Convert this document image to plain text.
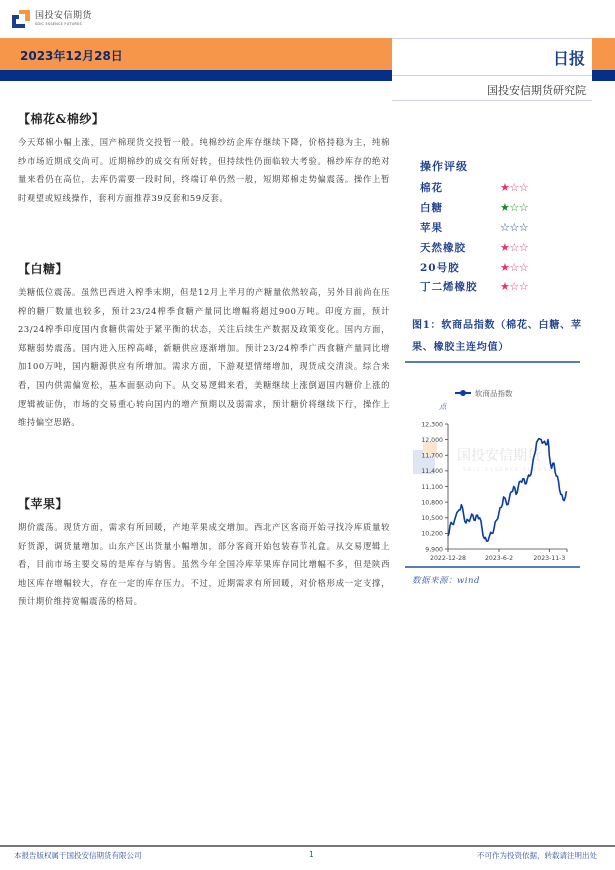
国投安信期货
SDIC ESSENCE FUTURES
2023年12月28日	日报
国投安信期货研究院
【棉花&棉纱】

今天郑棉小幅上涨，国产棉现货交投暂一般。纯棉纱纺企库存继续下降，价格持稳为主，纯棉纱市场近期成交尚可。近期棉纱的成交有所好转，但持续性仍面临较大考验。棉纱库存的绝对量来看仍在高位，去库仍需要一段时间，终端订单仍然一般，短期郑棉走势偏震荡。操作上暂时观望或短线操作，套利方面推荐39反套和59反套。

【白糖】

美糖低位震荡。虽然巴西进入榨季末期，但是12月上半月的产糖量依然较高，另外目前尚在压榨的糖厂数量也较多，预计23/24榨季食糖产量同比增幅将超过900万吨。印度方面，预计23/24榨季印度国内食糖供需处于紧平衡的状态，关注后续生产数据及政策变化。国内方面，郑糖弱势震荡。国内进入压榨高峰，新糖供应逐渐增加。预计23/24榨季广西食糖产量同比增加100万吨，国内糖源供应有所增加。需求方面，下游观望情绪增加，现货成交清淡。综合来看，国内供需偏宽松，基本面驱动向下。从交易逻辑来看，美糖继续上涨倒逼国内糖价上涨的逻辑被证伪，市场的交易重心转向国内的增产预期以及弱需求，预计糖价将继续下行，操作上维持偏空思路。

【苹果】

期价震荡。现货方面，需求有所回暖，产地苹果成交增加。西北产区客商开始寻找冷库质量较好货源，调货量增加。山东产区出货量小幅增加，部分客商开始包装春节礼盒。从交易逻辑上看，目前市场主要交易的是库存与销售。虽然今年全国冷库苹果库存同比增幅不多，但是陕西地区库存增幅较大，存在一定的库存压力。不过，近期需求有所回暖，对价格形成一定支撑，预计期价维持宽幅震荡的格局。

操作评级
棉花	★☆☆
白糖	★☆☆
苹果	☆☆☆
天然橡胶	★☆☆
20号胶	★☆☆
丁二烯橡胶	★☆☆
图1：软商品指数（棉花、白糖、苹果、橡胶主连均值）
国投安信期货
SDIC ESSENCE FUTURES
软商品指数
点
9,900
10,200
10,500
10,800
11,100
11,400
11,700
12,000
12,300
2022-12-28	2023-6-2	2023-11-3
数据来源：wind
本报告版权属于国投安信期货有限公司	1	不可作为投资依据，转载请注明出处
